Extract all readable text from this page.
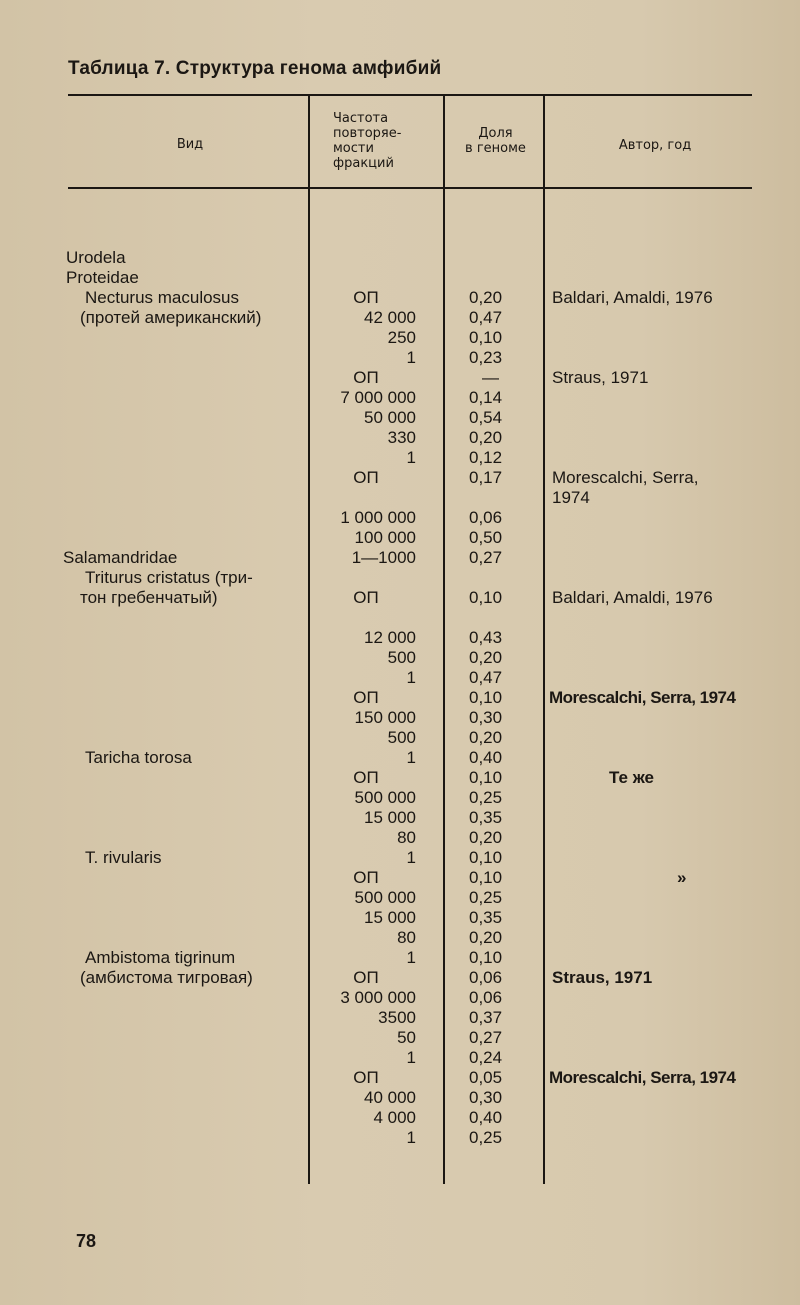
Таблица 7. Структура генома амфибий
Вид
Частота
повторяе-
мости
фракций
Доля
в геноме	Автор, год
Urodela
Proteidae
Necturus maculosus
(протей американский)
Salamandridae
Triturus cristatus (три-
тон гребенчатый)
Taricha torosa
T. rivularis
Ambistoma tigrinum
(амбистома тигровая)
ОП
42 000
250
1
ОП
7 000 000
50 000
330
1
ОП
1 000 000
100 000
1—1000
ОП
12 000
500
1
ОП
150 000
500
1
ОП
500 000
15 000
80
1
ОП
500 000
15 000
80
1
ОП
3 000 000
3500
50
1
ОП
40 000
4 000
1
0,20
0,47
0,10
0,23
—
0,14
0,54
0,20
0,12
0,17
0,06
0,50
0,27
0,10
0,43
0,20
0,47
0,10
0,30
0,20
0,40
0,10
0,25
0,35
0,20
0,10
0,10
0,25
0,35
0,20
0,10
0,06
0,06
0,37
0,27
0,24
0,05
0,30
0,40
0,25
Baldari, Amaldi, 1976
Straus, 1971
Morescalchi, Serra,
1974
Baldari, Amaldi, 1976
Morescalchi, Serra, 1974
Те же
»
Straus, 1971
Morescalchi, Serra, 1974
78
